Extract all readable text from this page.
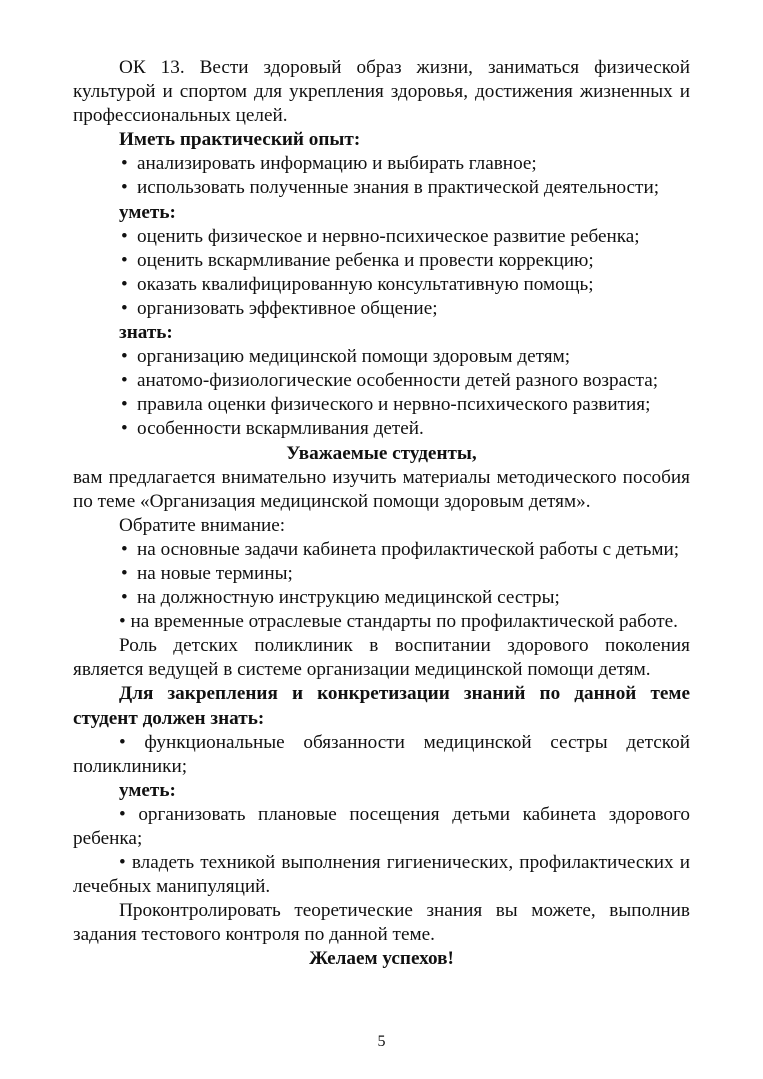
ОК 13. Вести здоровый образ жизни, заниматься физической культурой и спортом для укрепления здоровья, достижения жизненных и профессиональных целей.

Иметь практический опыт:

• анализировать информацию и выбирать главное;
• использовать полученные знания в практической деятельности;

уметь:

• оценить физическое и нервно-психическое развитие ребенка;
• оценить вскармливание ребенка и провести коррекцию;
• оказать квалифицированную консультативную помощь;
• организовать эффективное общение;

знать:

• организацию медицинской помощи здоровым детям;
• анатомо-физиологические особенности детей разного возраста;
• правила оценки физического и нервно-психического развития;
• особенности вскармливания детей.

Уважаемые студенты,

вам предлагается внимательно изучить материалы методического пособия по теме «Организация медицинской помощи здоровым детям».

Обратите внимание:

• на основные задачи кабинета профилактической работы с детьми;
• на новые термины;
• на должностную инструкцию медицинской сестры;

• на временные отраслевые стандарты по профилактической работе.

Роль детских поликлиник в воспитании здорового поколения является ведущей в системе организации медицинской помощи детям.

Для закрепления и конкретизации знаний по данной теме студент должен знать:

• функциональные обязанности медицинской сестры детской поликлиники;

уметь:

• организовать плановые посещения детьми кабинета здорового ребенка;

• владеть техникой выполнения гигиенических, профилактических и лечебных манипуляций.

Проконтролировать теоретические знания вы можете, выполнив задания тестового контроля по данной теме.

Желаем успехов!

5
